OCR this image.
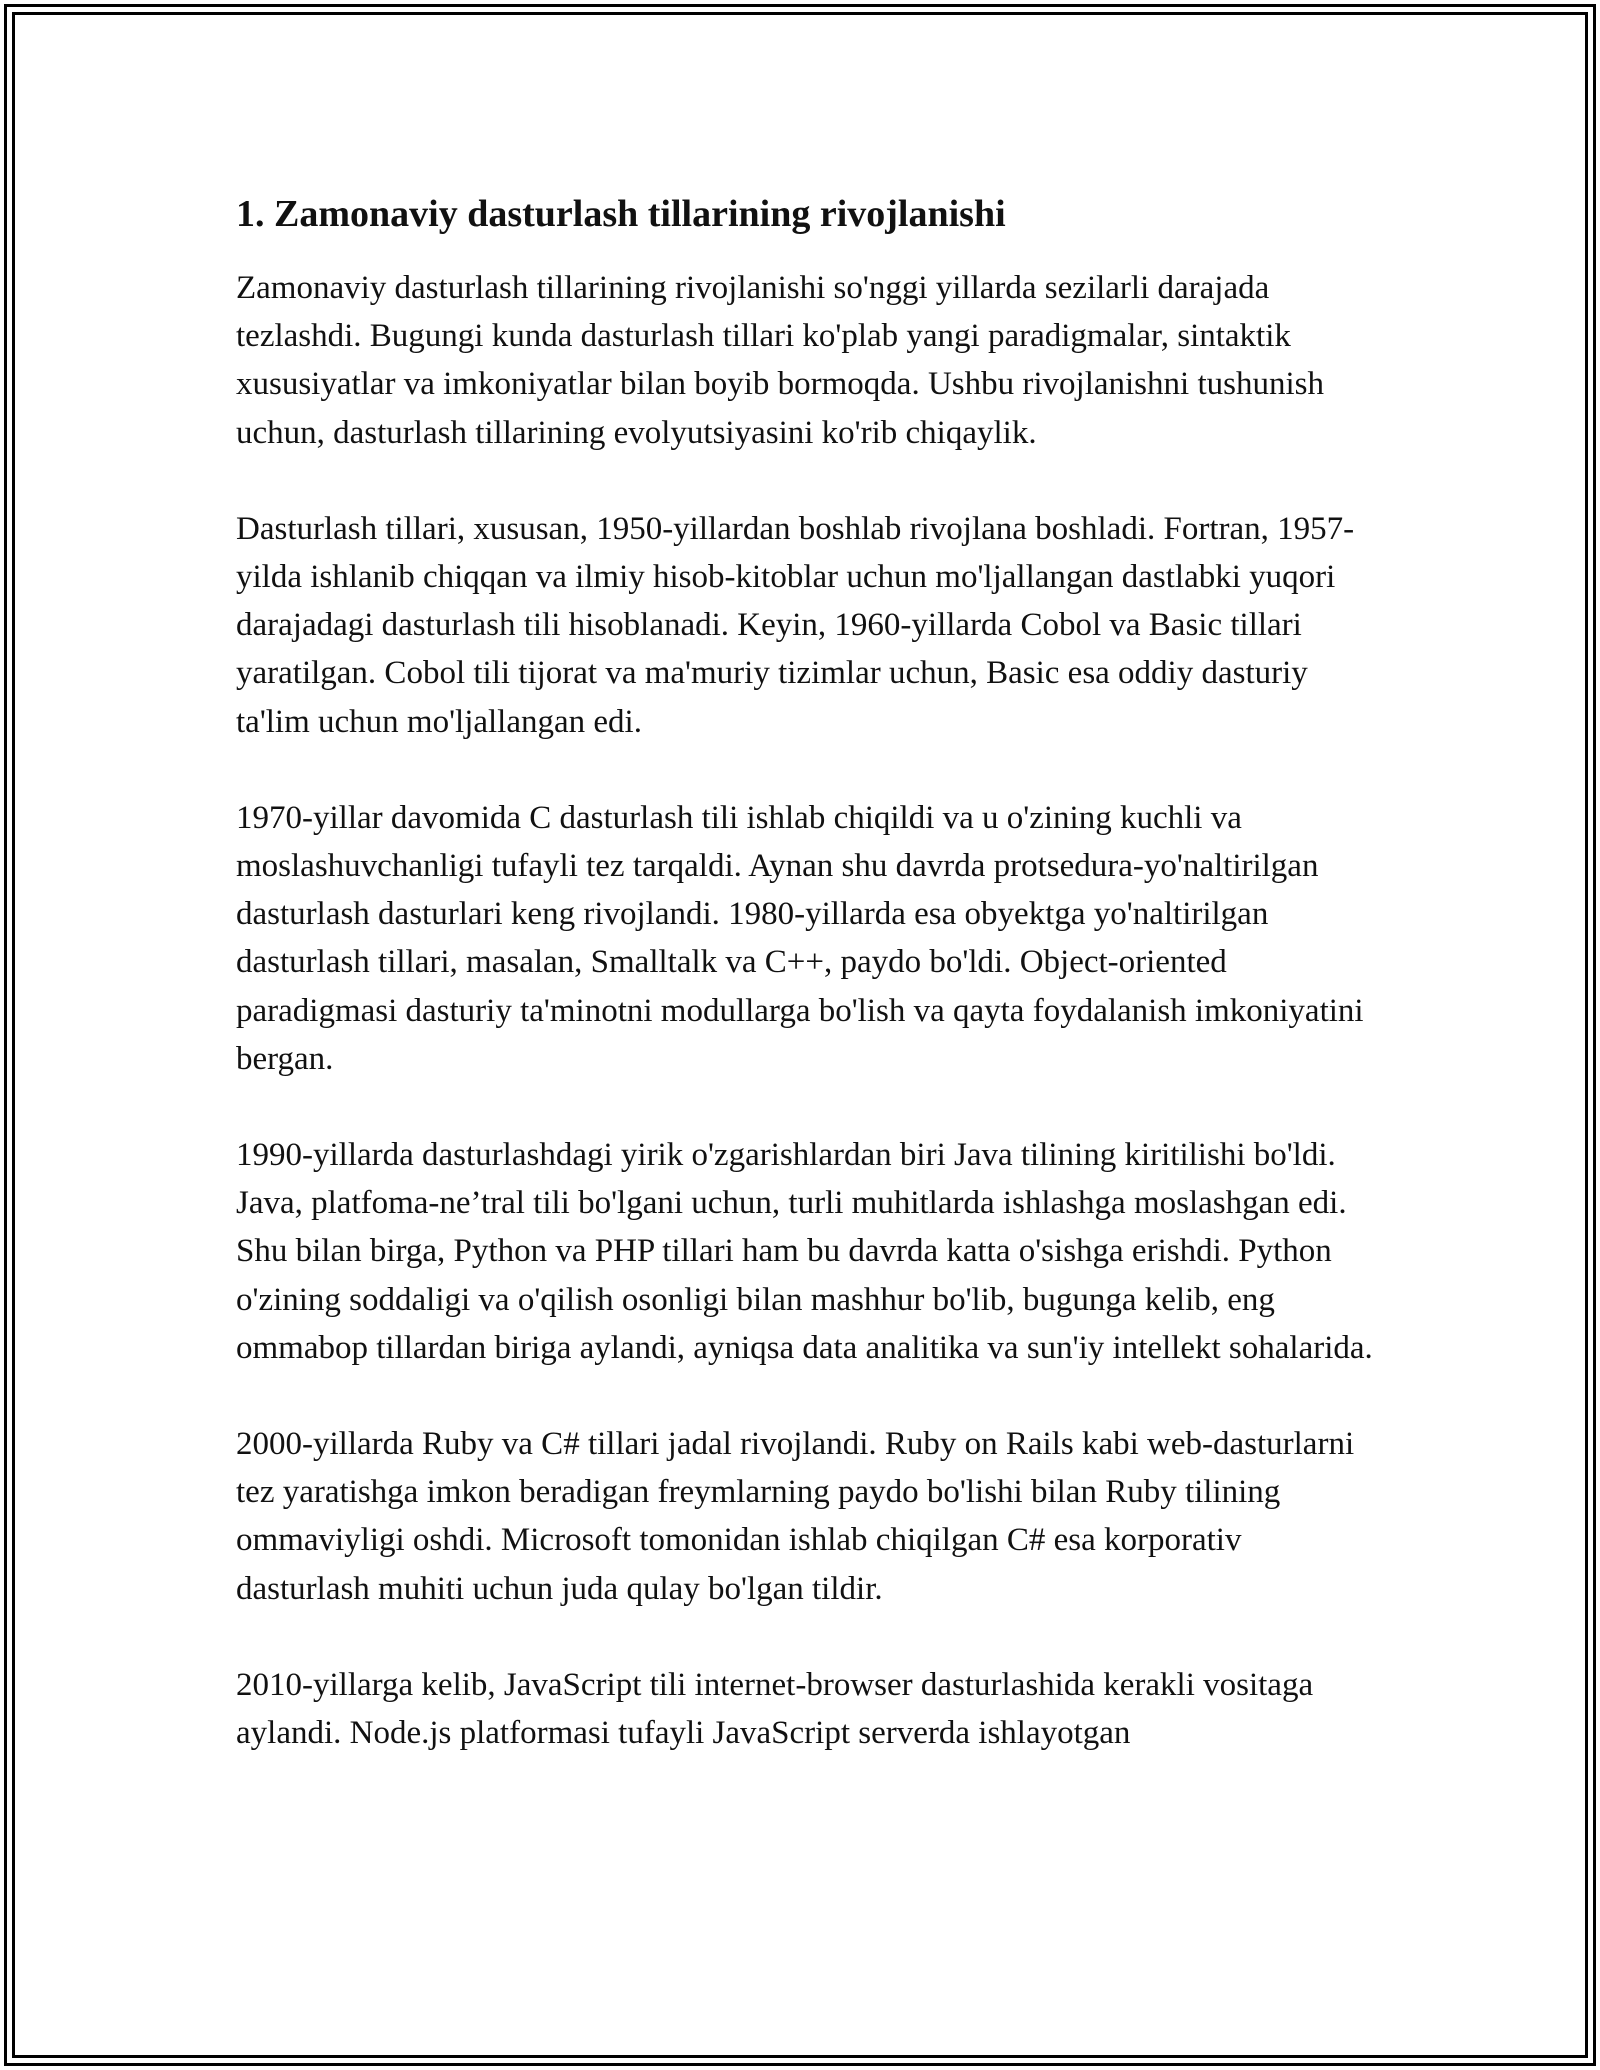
1. Zamonaviy dasturlash tillarining rivojlanishi

Zamonaviy dasturlash tillarining rivojlanishi so'nggi yillarda sezilarli darajada tezlashdi. Bugungi kunda dasturlash tillari ko'plab yangi paradigmalar, sintaktik xususiyatlar va imkoniyatlar bilan boyib bormoqda. Ushbu rivojlanishni tushunish uchun, dasturlash tillarining evolyutsiyasini ko'rib chiqaylik.

Dasturlash tillari, xususan, 1950-yillardan boshlab rivojlana boshladi. Fortran, 1957-yilda ishlanib chiqqan va ilmiy hisob-kitoblar uchun mo'ljallangan dastlabki yuqori darajadagi dasturlash tili hisoblanadi. Keyin, 1960-yillarda Cobol va Basic tillari yaratilgan. Cobol tili tijorat va ma'muriy tizimlar uchun, Basic esa oddiy dasturiy ta'lim uchun mo'ljallangan edi.

1970-yillar davomida C dasturlash tili ishlab chiqildi va u o'zining kuchli va moslashuvchanligi tufayli tez tarqaldi. Aynan shu davrda protsedura-yo'naltirilgan dasturlash dasturlari keng rivojlandi. 1980-yillarda esa obyektga yo'naltirilgan dasturlash tillari, masalan, Smalltalk va C++, paydo bo'ldi. Object-oriented paradigmasi dasturiy ta'minotni modullarga bo'lish va qayta foydalanish imkoniyatini bergan.

1990-yillarda dasturlashdagi yirik o'zgarishlardan biri Java tilining kiritilishi bo'ldi. Java, platfoma-ne’tral tili bo'lgani uchun, turli muhitlarda ishlashga moslashgan edi. Shu bilan birga, Python va PHP tillari ham bu davrda katta o'sishga erishdi. Python o'zining soddaligi va o'qilish osonligi bilan mashhur bo'lib, bugunga kelib, eng ommabop tillardan biriga aylandi, ayniqsa data analitika va sun'iy intellekt sohalarida.

2000-yillarda Ruby va C# tillari jadal rivojlandi. Ruby on Rails kabi web-dasturlarni tez yaratishga imkon beradigan freymlarning paydo bo'lishi bilan Ruby tilining ommaviyligi oshdi. Microsoft tomonidan ishlab chiqilgan C# esa korporativ dasturlash muhiti uchun juda qulay bo'lgan tildir.

2010-yillarga kelib, JavaScript tili internet-browser dasturlashida kerakli vositaga aylandi. Node.js platformasi tufayli JavaScript serverda ishlayotgan
